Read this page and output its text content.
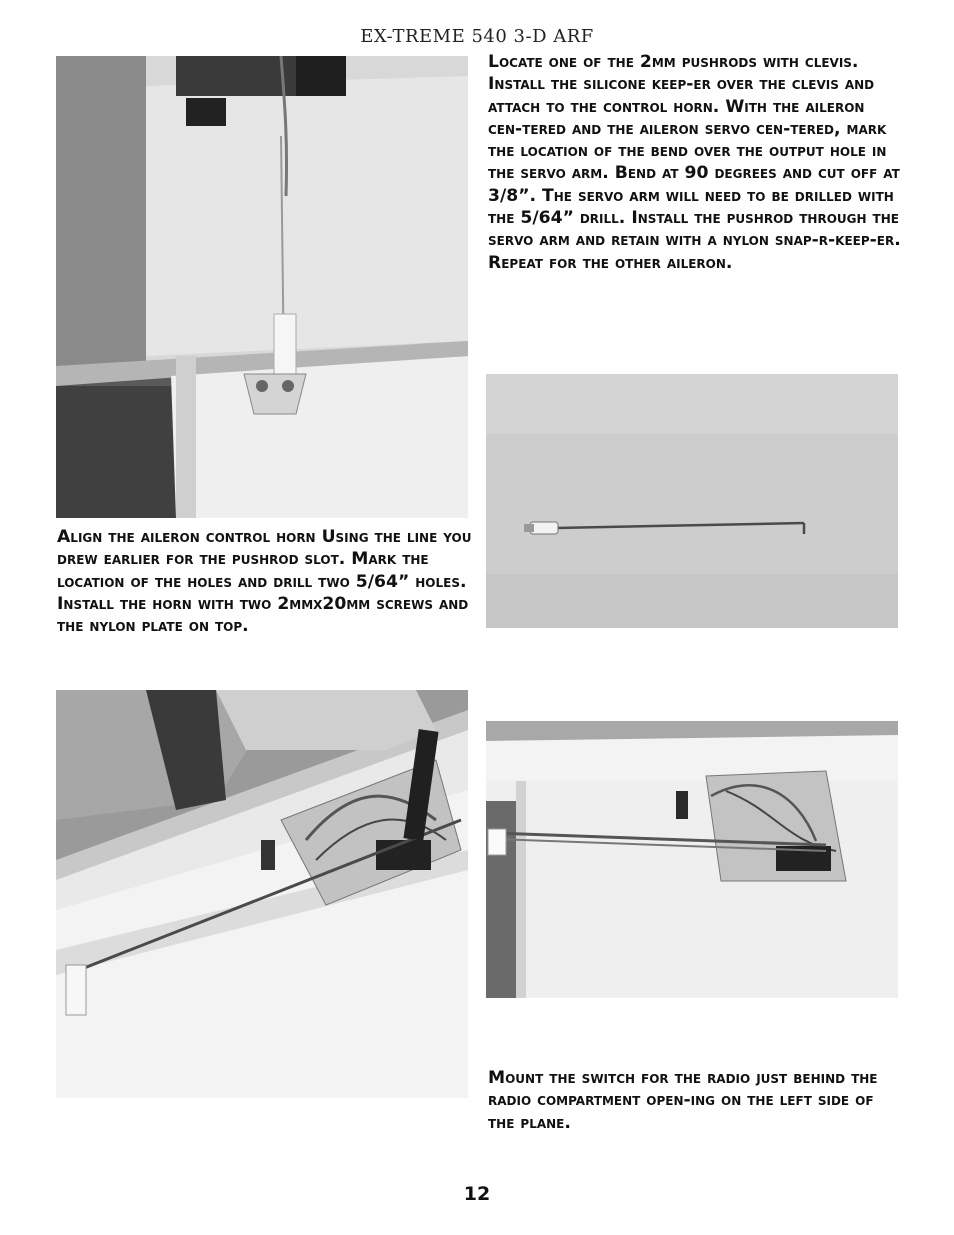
EX-TREME 540 3-D ARF
Locate one of the 2mm pushrods with clevis. Install the silicone keep-er over the clevis and attach to the control horn. With the aileron cen-tered and the aileron servo cen-tered, mark the location of the bend over the output hole in the servo arm. Bend at 90 degrees and cut off at 3/8”. The servo arm will need to be drilled with the 5/64” drill. Install the pushrod through the servo arm and retain with a nylon snap-r-keep-er. Repeat for the other aileron.
Align the aileron control horn Using the line you drew earlier for the pushrod slot. Mark the location of the holes and drill two 5/64” holes. Install the horn with two 2mmx20mm screws and the nylon plate on top.
Mount the switch for the radio just behind the radio compartment open-ing on the left side of the plane.
12
